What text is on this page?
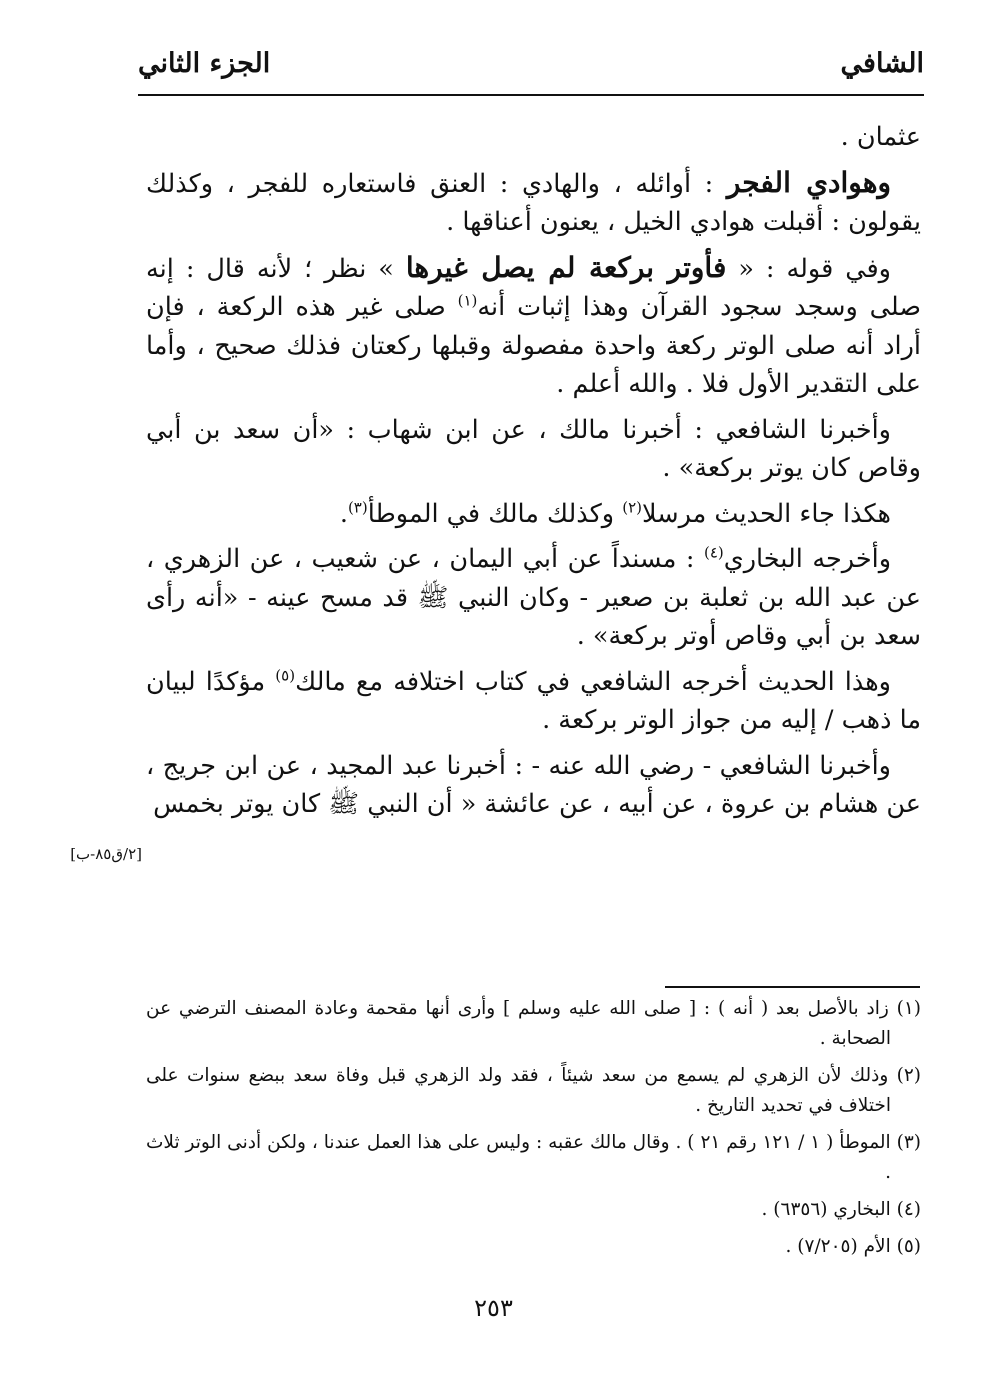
الشافي
الجزء الثاني

عثمان .

وهوادي الفجر : أوائله ، والهادي : العنق فاستعاره للفجر ، وكذلك يقولون : أقبلت هوادي الخيل ، يعنون أعناقها .

وفي قوله : « فأوتر بركعة لم يصل غيرها » نظر ؛ لأنه قال : إنه صلى وسجد سجود القرآن وهذا إثبات أنه$^{(١)}$ صلى غير هذه الركعة ، فإن أراد أنه صلى الوتر ركعة واحدة مفصولة وقبلها ركعتان فذلك صحيح ، وأما على التقدير الأول فلا . والله أعلم .

وأخبرنا الشافعي : أخبرنا مالك ، عن ابن شهاب : «أن سعد بن أبي وقاص كان يوتر بركعة» .

هكذا جاء الحديث مرسلا$^{(٢)}$ وكذلك مالك في الموطأ$^{(٣)}$.

وأخرجه البخاري$^{(٤)}$ : مسنداً عن أبي اليمان ، عن شعيب ، عن الزهري ، عن عبد الله بن ثعلبة بن صعير - وكان النبي ﷺ قد مسح عينه - «أنه رأى سعد بن أبي وقاص أوتر بركعة» .

وهذا الحديث أخرجه الشافعي في كتاب اختلافه مع مالك$^{(٥)}$ مؤكدًا لبيان ما ذهب / إليه من جواز الوتر بركعة .

وأخبرنا الشافعي - رضي الله عنه - : أخبرنا عبد المجيد ، عن ابن جريج ، عن هشام بن عروة ، عن أبيه ، عن عائشة « أن النبي ﷺ كان يوتر بخمس

[٢/ق٨٥-ب]

(١) زاد بالأصل بعد ( أنه ) : [ صلى الله عليه وسلم ] وأرى أنها مقحمة وعادة المصنف الترضي عن الصحابة .

(٢) وذلك لأن الزهري لم يسمع من سعد شيئاً ، فقد ولد الزهري قبل وفاة سعد ببضع سنوات على اختلاف في تحديد التاريخ .

(٣) الموطأ ( ١ / ١٢١ رقم ٢١ ) . وقال مالك عقبه : وليس على هذا العمل عندنا ، ولكن أدنى الوتر ثلاث .

(٤) البخاري (٦٣٥٦) .

(٥) الأم (٧/٢٠٥) .

٢٥٣
